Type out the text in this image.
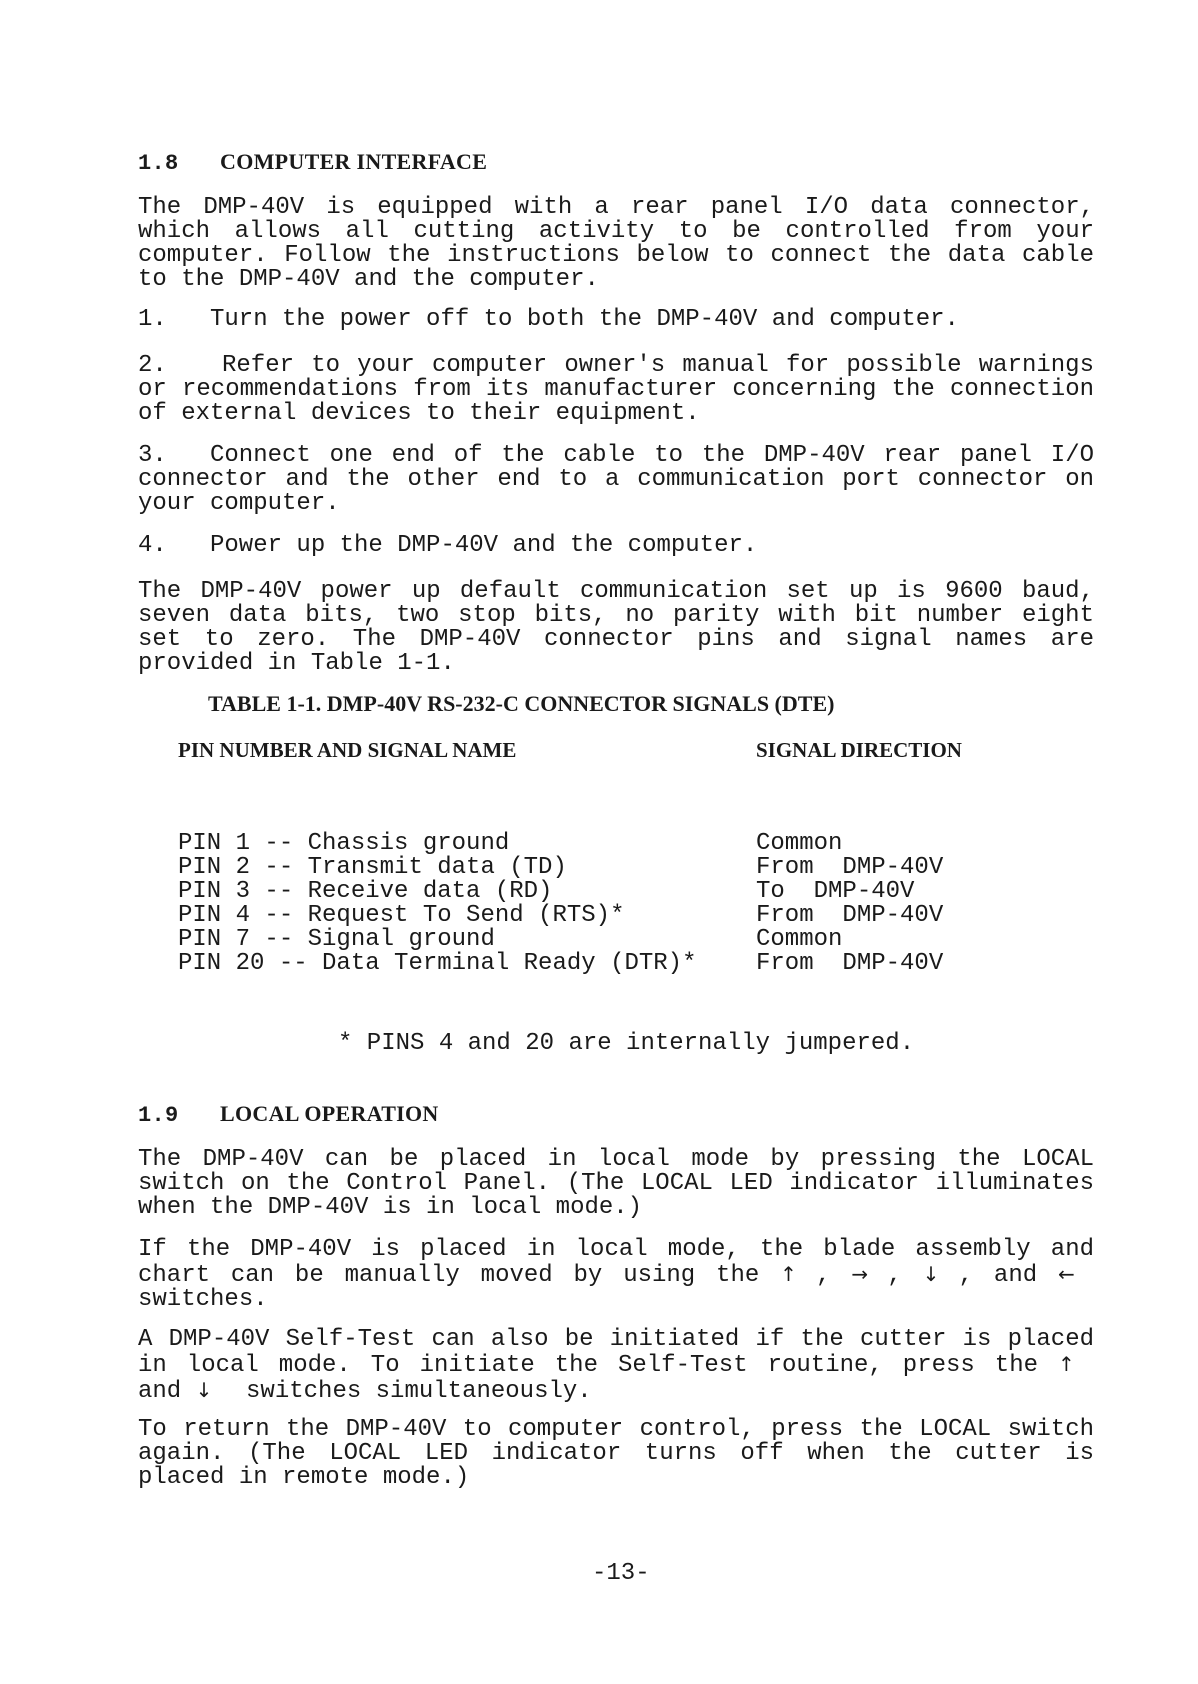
1.8 COMPUTER INTERFACE

The DMP-40V is equipped with a rear panel I/O data connector, which allows all cutting activity to be controlled from your computer. Follow the instructions below to connect the data cable to the DMP-40V and the computer.

1. Turn the power off to both the DMP-40V and computer.

2. Refer to your computer owner's manual for possible warnings or recommendations from its manufacturer concerning the connection of external devices to their equipment.

3. Connect one end of the cable to the DMP-40V rear panel I/O connector and the other end to a communication port connector on your computer.

4. Power up the DMP-40V and the computer.

The DMP-40V power up default communication set up is 9600 baud, seven data bits, two stop bits, no parity with bit number eight set to zero. The DMP-40V connector pins and signal names are provided in Table 1-1.

TABLE 1-1. DMP-40V RS-232-C CONNECTOR SIGNALS (DTE)
PIN NUMBER AND SIGNAL NAME	SIGNAL DIRECTION
PIN 1 -- Chassis ground	Common
PIN 2 -- Transmit data (TD)	From  DMP-40V
PIN 3 -- Receive data (RD)	To  DMP-40V
PIN 4 -- Request To Send (RTS)*	From  DMP-40V
PIN 7 -- Signal ground	Common
PIN 20 -- Data Terminal Ready (DTR)* From  DMP-40V
* PINS 4 and 20 are internally jumpered.
1.9 LOCAL OPERATION

The DMP-40V can be placed in local mode by pressing the LOCAL switch on the Control Panel. (The LOCAL LED indicator illuminates when the DMP-40V is in local mode.)

If the DMP-40V is placed in local mode, the blade assembly and chart can be manually moved by using the ↑ , → , ↓ , and ← switches.

A DMP-40V Self-Test can also be initiated if the cutter is placed in local mode. To initiate the Self-Test routine, press the ↑ and ↓ switches simultaneously.

To return the DMP-40V to computer control, press the LOCAL switch again. (The LOCAL LED indicator turns off when the cutter is placed in remote mode.)

-13-
